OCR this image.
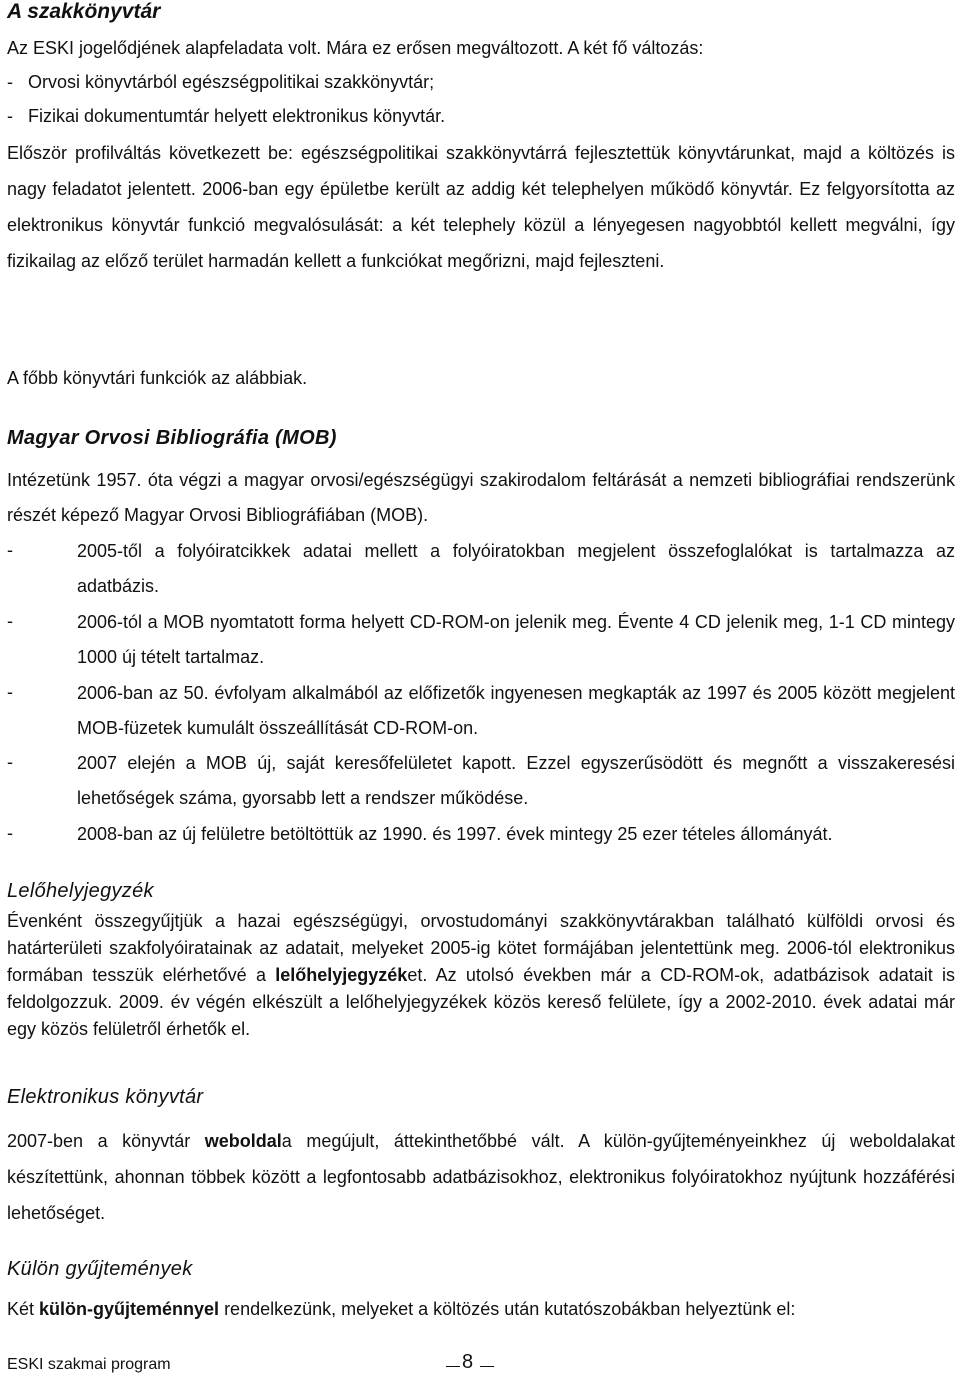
A szakkönyvtár

Az ESKI jogelődjének alapfeladata volt. Mára ez erősen megváltozott. A két fő változás:

-   Orvosi könyvtárból egészségpolitikai szakkönyvtár;

-   Fizikai dokumentumtár helyett elektronikus könyvtár.

Először profilváltás következett be: egészségpolitikai szakkönyvtárrá fejlesztettük könyvtárunkat, majd a költözés is nagy feladatot jelentett. 2006-ban egy épületbe került az addig két telephelyen működő könyvtár. Ez felgyorsította az elektronikus könyvtár funkció megvalósulását: a két telephely közül a lényegesen nagyobbtól kellett megválni, így fizikailag az előző terület harmadán kellett a funkciókat megőrizni, majd fejleszteni.

A főbb könyvtári funkciók az alábbiak.

Magyar Orvosi Bibliográfia (MOB)

Intézetünk 1957. óta végzi a magyar orvosi/egészségügyi szakirodalom feltárását a nemzeti bibliográfiai rendszerünk részét képező Magyar Orvosi Bibliográfiában (MOB).

-	2005-től a folyóiratcikkek adatai mellett a folyóiratokban megjelent összefoglalókat is tartalmazza az adatbázis.

-	2006-tól a MOB nyomtatott forma helyett CD-ROM-on jelenik meg. Évente 4 CD jelenik meg, 1-1 CD mintegy 1000 új tételt tartalmaz.

-	2006-ban az 50. évfolyam alkalmából az előfizetők ingyenesen megkapták az 1997 és 2005 között megjelent MOB-füzetek kumulált összeállítását CD-ROM-on.

-	2007 elején a MOB új, saját keresőfelületet kapott. Ezzel egyszerűsödött és megnőtt a visszakeresési lehetőségek száma, gyorsabb lett a rendszer működése.

-	2008-ban az új felületre betöltöttük az 1990. és 1997. évek mintegy 25 ezer tételes állományát.

Lelőhelyjegyzék

Évenként összegyűjtjük a hazai egészségügyi, orvostudományi szakkönyvtárakban található külföldi orvosi és határterületi szakfolyóiratainak az adatait, melyeket 2005-ig kötet formájában jelentettünk meg. 2006-tól elektronikus formában tesszük elérhetővé a lelőhelyjegyzéket. Az utolsó években már a CD-ROM-ok, adatbázisok adatait is feldolgozzuk. 2009. év végén elkészült a lelőhelyjegyzékek közös kereső felülete, így a 2002-2010. évek adatai már egy közös felületről érhetők el.

Elektronikus könyvtár

2007-ben a könyvtár weboldala megújult, áttekinthetőbbé vált. A külön-gyűjteményeinkhez új weboldalakat készítettünk, ahonnan többek között a legfontosabb adatbázisokhoz, elektronikus folyóiratokhoz nyújtunk hozzáférési lehetőséget.

Külön gyűjtemények

Két külön-gyűjteménnyel rendelkezünk, melyeket a költözés után kutatószobákban helyeztünk el:

ESKI szakmai program	8
